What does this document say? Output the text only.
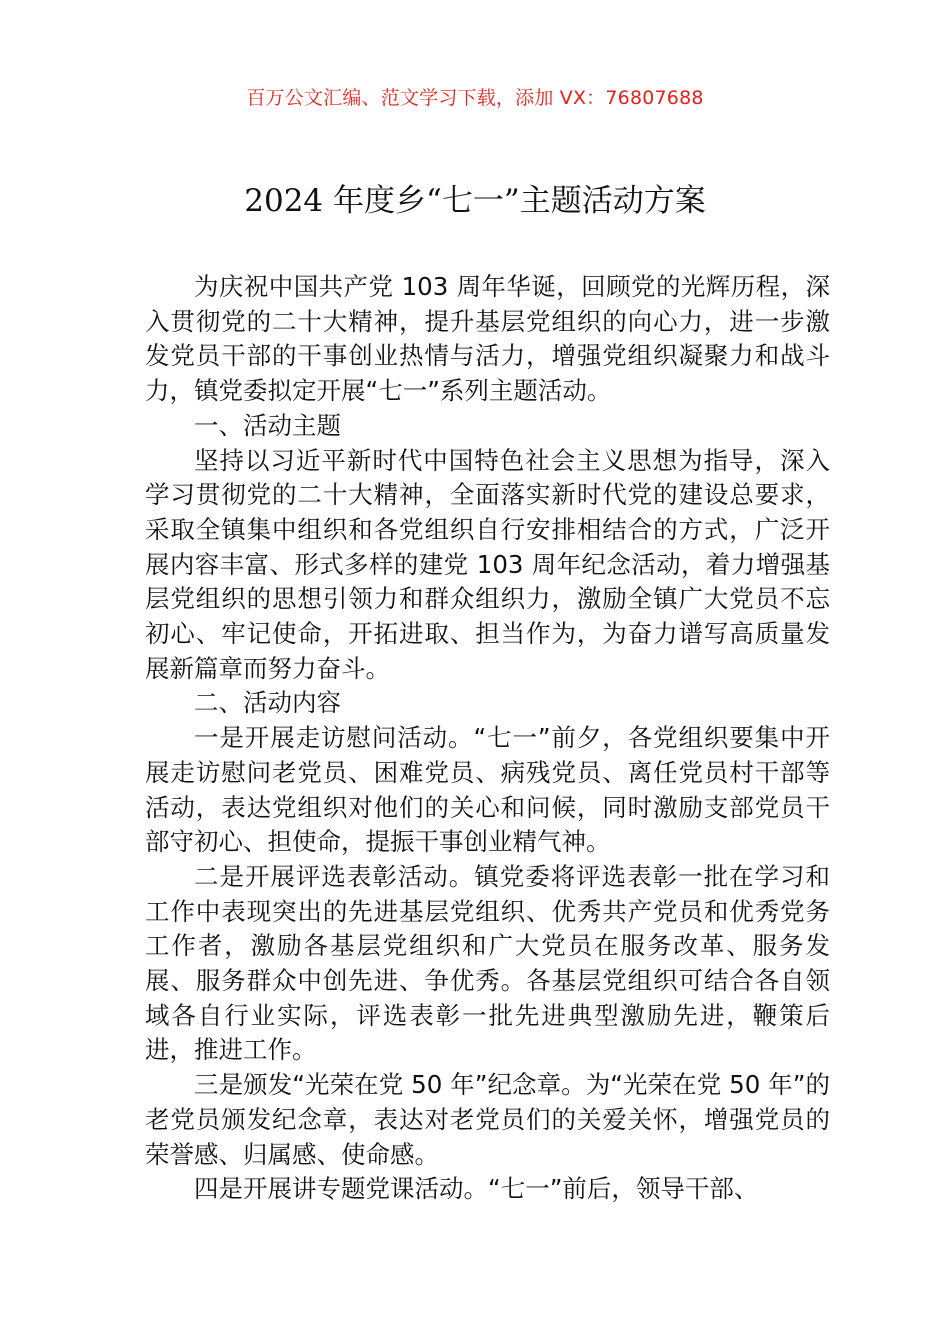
百万公文汇编、范文学习下载，添加 VX：76807688
2024 年度乡“七一”主题活动方案

为庆祝中国共产党 103 周年华诞，回顾党的光辉历程，深入贯彻党的二十大精神，提升基层党组织的向心力，进一步激发党员干部的干事创业热情与活力，增强党组织凝聚力和战斗力，镇党委拟定开展“七一”系列主题活动。

一、活动主题

坚持以习近平新时代中国特色社会主义思想为指导，深入学习贯彻党的二十大精神，全面落实新时代党的建设总要求，采取全镇集中组织和各党组织自行安排相结合的方式，广泛开展内容丰富、形式多样的建党 103 周年纪念活动，着力增强基层党组织的思想引领力和群众组织力，激励全镇广大党员不忘初心、牢记使命，开拓进取、担当作为，为奋力谱写高质量发展新篇章而努力奋斗。

二、活动内容

一是开展走访慰问活动。“七一”前夕，各党组织要集中开展走访慰问老党员、困难党员、病残党员、离任党员村干部等活动，表达党组织对他们的关心和问候，同时激励支部党员干部守初心、担使命，提振干事创业精气神。

二是开展评选表彰活动。镇党委将评选表彰一批在学习和工作中表现突出的先进基层党组织、优秀共产党员和优秀党务工作者，激励各基层党组织和广大党员在服务改革、服务发展、服务群众中创先进、争优秀。各基层党组织可结合各自领域各自行业实际，评选表彰一批先进典型激励先进，鞭策后进，推进工作。

三是颁发“光荣在党 50 年”纪念章。为“光荣在党 50 年”的老党员颁发纪念章，表达对老党员们的关爱关怀，增强党员的荣誉感、归属感、使命感。

四是开展讲专题党课活动。“七一”前后，领导干部、
